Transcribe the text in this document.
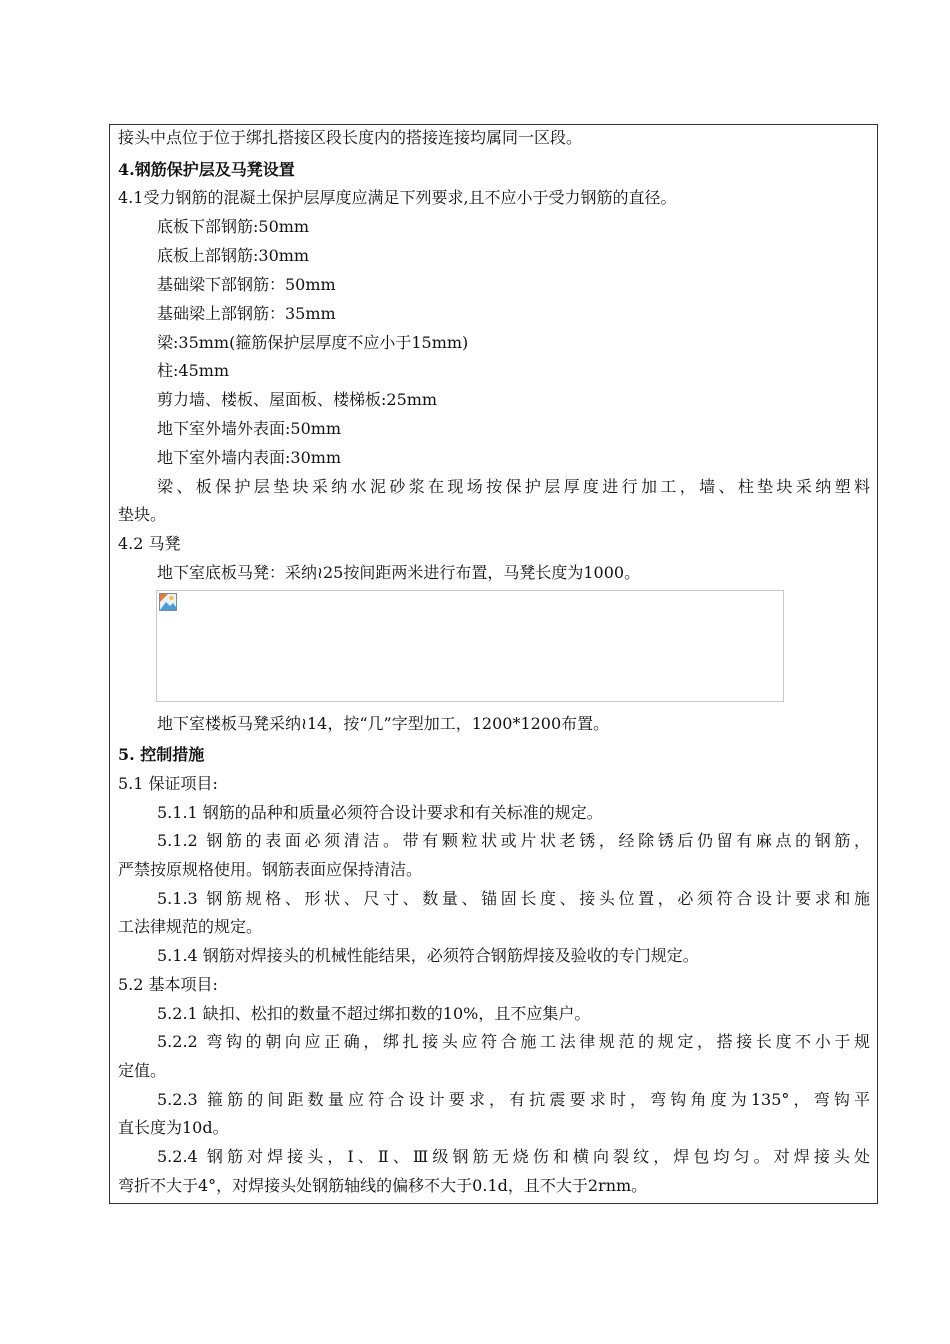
接头中点位于位于绑扎搭接区段长度内的搭接连接均属同一区段。
4.钢筋保护层及马凳设置
4.1受力钢筋的混凝土保护层厚度应满足下列要求,且不应小于受力钢筋的直径。
底板下部钢筋:50mm
底板上部钢筋:30mm
基础梁下部钢筋：50mm
基础梁上部钢筋：35mm
梁:35mm(箍筋保护层厚度不应小于15mm)
柱:45mm
剪力墙、楼板、屋面板、楼梯板:25mm
地下室外墙外表面:50mm
地下室外墙内表面:30mm
梁、板保护层垫块采纳水泥砂浆在现场按保护层厚度进行加工，墙、柱垫块采纳塑料
垫块。
4.2 马凳
地下室底板马凳：采纳≀25按间距两米进行布置，马凳长度为1000。
地下室楼板马凳采纳≀14，按“几”字型加工，1200*1200布置。
5. 控制措施
5.1 保证项目:
5.1.1 钢筋的品种和质量必须符合设计要求和有关标准的规定。
5.1.2 钢筋的表面必须清洁。带有颗粒状或片状老锈，经除锈后仍留有麻点的钢筋，
严禁按原规格使用。钢筋表面应保持清洁。
5.1.3 钢筋规格、形状、尺寸、数量、锚固长度、接头位置，必须符合设计要求和施
工法律规范的规定。
5.1.4 钢筋对焊接头的机械性能结果，必须符合钢筋焊接及验收的专门规定。
5.2 基本项目:
5.2.1 缺扣、松扣的数量不超过绑扣数的10%，且不应集户。
5.2.2 弯钩的朝向应正确，绑扎接头应符合施工法律规范的规定，搭接长度不小于规
定值。
5.2.3 箍筋的间距数量应符合设计要求，有抗震要求时，弯钩角度为135°，弯钩平
直长度为10d。
5.2.4 钢筋对焊接头，Ⅰ、Ⅱ、Ⅲ级钢筋无烧伤和横向裂纹，焊包均匀。对焊接头处
弯折不大于4°，对焊接头处钢筋轴线的偏移不大于0.1d，且不大于2rnm。
